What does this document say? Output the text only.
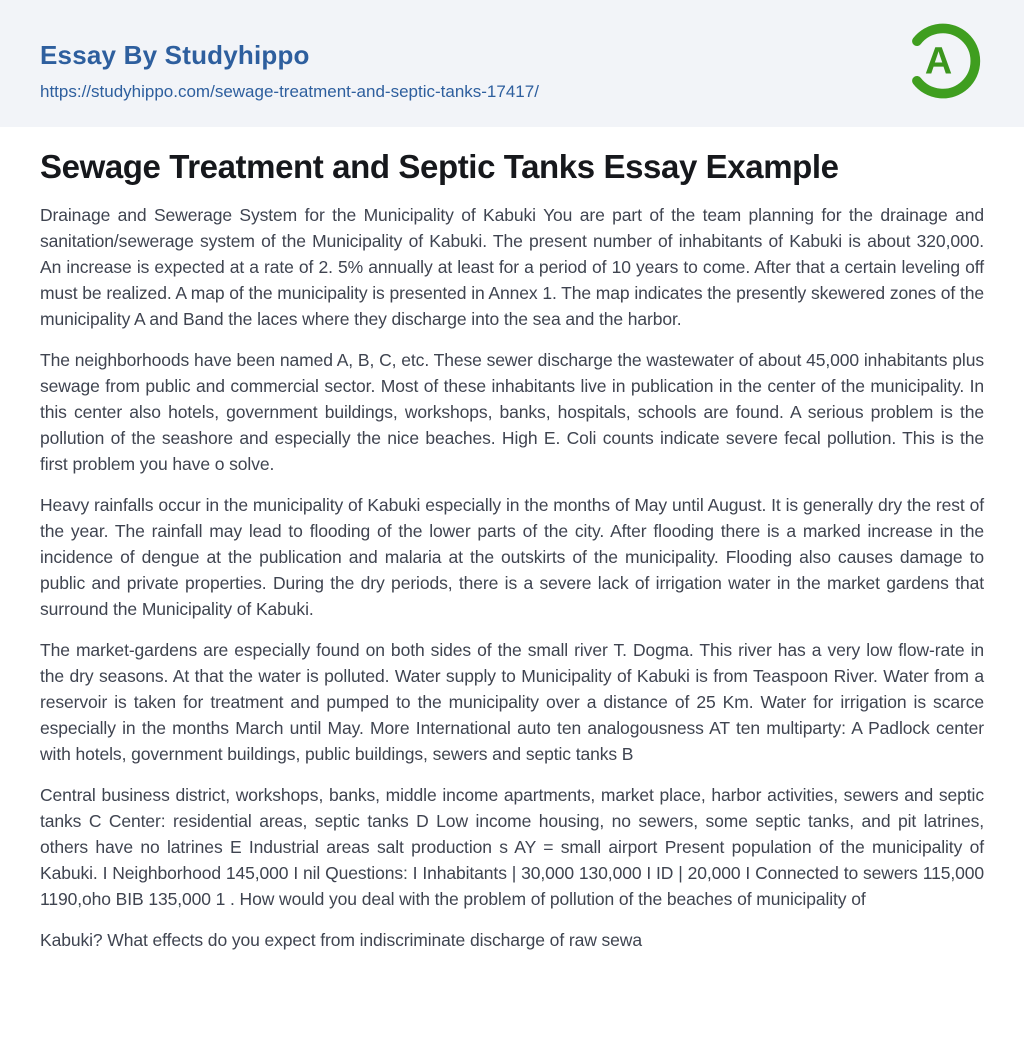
Essay By Studyhippo
https://studyhippo.com/sewage-treatment-and-septic-tanks-17417/
A
Sewage Treatment and Septic Tanks Essay Example

Drainage and Sewerage System for the Municipality of Kabuki You are part of the team planning for the drainage and sanitation/sewerage system of the Municipality of Kabuki. The present number of inhabitants of Kabuki is about 320,000. An increase is expected at a rate of 2. 5% annually at least for a period of 10 years to come. After that a certain leveling off must be realized. A map of the municipality is presented in Annex 1. The map indicates the presently skewered zones of the municipality A and Band the laces where they discharge into the sea and the harbor.

The neighborhoods have been named A, B, C, etc. These sewer discharge the wastewater of about 45,000 inhabitants plus sewage from public and commercial sector. Most of these inhabitants live in publication in the center of the municipality. In this center also hotels, government buildings, workshops, banks, hospitals, schools are found. A serious problem is the pollution of the seashore and especially the nice beaches. High E. Coli counts indicate severe fecal pollution. This is the first problem you have o solve.

Heavy rainfalls occur in the municipality of Kabuki especially in the months of May until August. It is generally dry the rest of the year. The rainfall may lead to flooding of the lower parts of the city. After flooding there is a marked increase in the incidence of dengue at the publication and malaria at the outskirts of the municipality. Flooding also causes damage to public and private properties. During the dry periods, there is a severe lack of irrigation water in the market gardens that surround the Municipality of Kabuki.

The market-gardens are especially found on both sides of the small river T. Dogma. This river has a very low flow-rate in the dry seasons. At that the water is polluted. Water supply to Municipality of Kabuki is from Teaspoon River. Water from a reservoir is taken for treatment and pumped to the municipality over a distance of 25 Km. Water for irrigation is scarce especially in the months March until May. More International auto ten analogousness AT ten multiparty: A Padlock center with hotels, government buildings, public buildings, sewers and septic tanks B

Central business district, workshops, banks, middle income apartments, market place, harbor activities, sewers and septic tanks C Center: residential areas, septic tanks D Low income housing, no sewers, some septic tanks, and pit latrines, others have no latrines E Industrial areas salt production s AY = small airport Present population of the municipality of Kabuki. I Neighborhood 145,000 I nil Questions: I Inhabitants | 30,000 130,000 I ID | 20,000 I Connected to sewers 115,000 1190,oho BIB 135,000 1 . How would you deal with the problem of pollution of the beaches of municipality of

Kabuki? What effects do you expect from indiscriminate discharge of raw sewa
